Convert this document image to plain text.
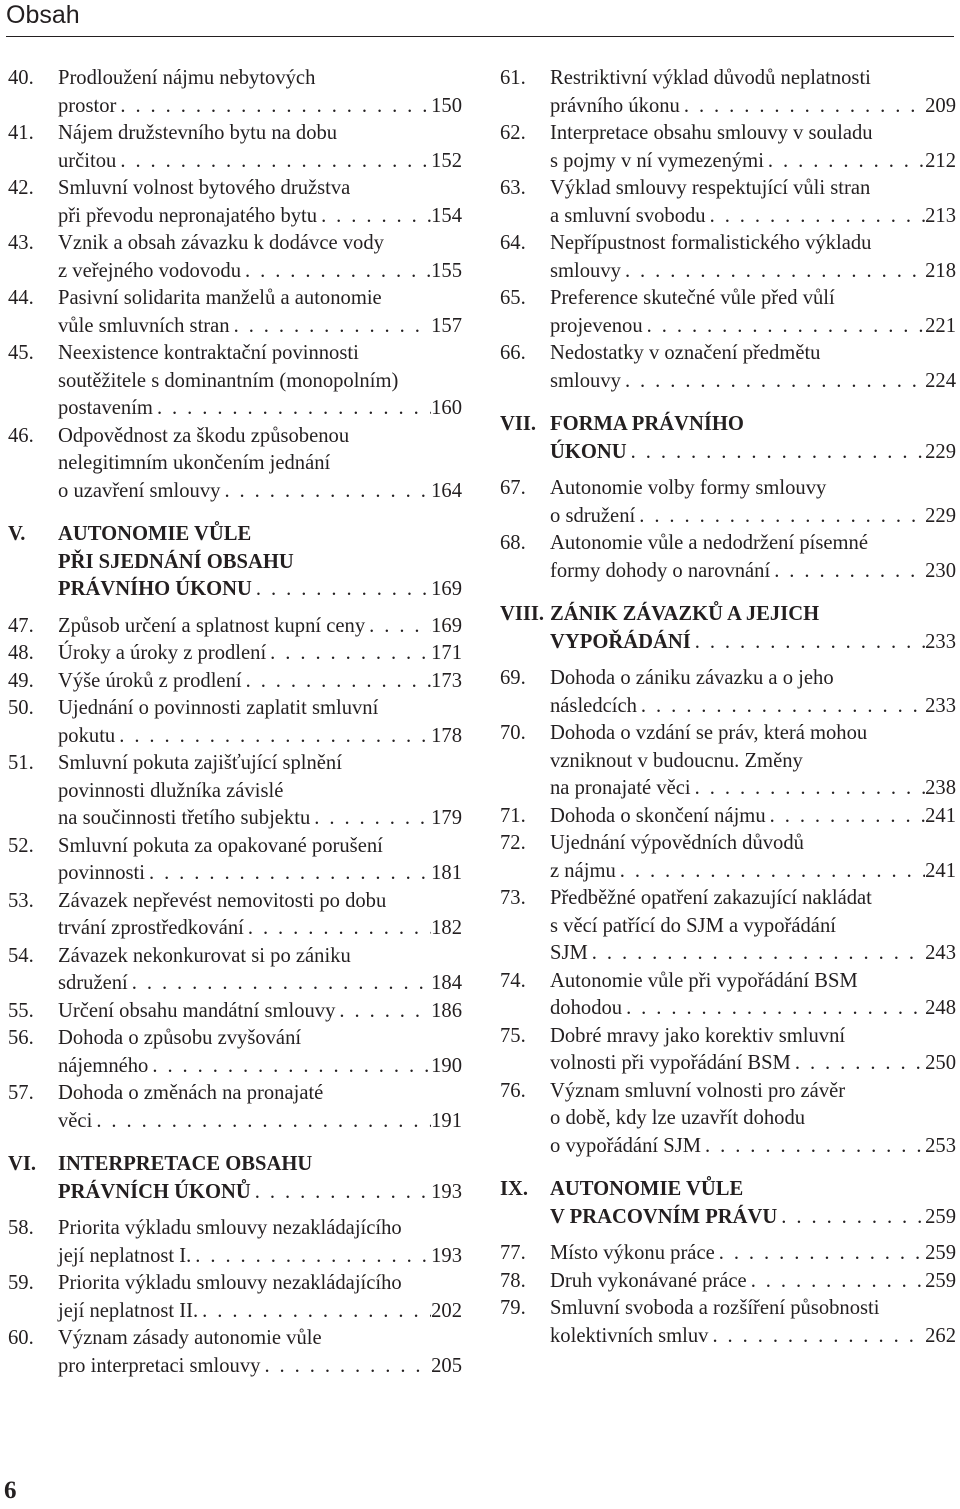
Obsah
40.	Prodloužení nájmu nebytových
prostor . . .	150
41.	Nájem družstevního bytu na dobu
určitou . . .	152
42.	Smluvní volnost bytového družstva
při převodu nepronajatého bytu . . .	154
43.	Vznik a obsah závazku k dodávce vody
z veřejného vodovodu . . .	155
44.	Pasivní solidarita manželů a autonomie
vůle smluvních stran . . .	157
45.	Neexistence kontraktační povinnosti
soutěžitele s dominantním (monopolním)
postavením . . .	160
46.	Odpovědnost za škodu způsobenou
nelegitimním ukončením jednání
o uzavření smlouvy . . .	164
V.	AUTONOMIE VŮLE
PŘI SJEDNÁNÍ OBSAHU
PRÁVNÍHO ÚKONU . . .	169
47.	Způsob určení a splatnost kupní ceny . . .	169
48.	Úroky a úroky z prodlení . . .	171
49.	Výše úroků z prodlení . . .	173
50.	Ujednání o povinnosti zaplatit smluvní
pokutu . . .	178
51.	Smluvní pokuta zajišťující splnění
povinnosti dlužníka závislé
na součinnosti třetího subjektu . . .	179
52.	Smluvní pokuta za opakované porušení
povinnosti . . .	181
53.	Závazek nepřevést nemovitosti po dobu
trvání zprostředkování . . .	182
54.	Závazek nekonkurovat si po zániku
sdružení . . .	184
55.	Určení obsahu mandátní smlouvy . . .	186
56.	Dohoda o způsobu zvyšování
nájemného . . .	190
57.	Dohoda o změnách na pronajaté
věci . . .	191
VI.	INTERPRETACE OBSAHU
PRÁVNÍCH ÚKONŮ . . .	193
58.	Priorita výkladu smlouvy nezakládajícího
její neplatnost I. . . .	193
59.	Priorita výkladu smlouvy nezakládajícího
její neplatnost II. . . .	202
60.	Význam zásady autonomie vůle
pro interpretaci smlouvy . . .	205
61.	Restriktivní výklad důvodů neplatnosti
právního úkonu . . .	209
62.	Interpretace obsahu smlouvy v souladu
s pojmy v ní vymezenými . . .	212
63.	Výklad smlouvy respektující vůli stran
a smluvní svobodu . . .	213
64.	Nepřípustnost formalistického výkladu
smlouvy . . .	218
65.	Preference skutečné vůle před vůlí
projevenou . . .	221
66.	Nedostatky v označení předmětu
smlouvy . . .	224
VII. FORMA PRÁVNÍHO
ÚKONU . . .	229
67.	Autonomie volby formy smlouvy
o sdružení . . .	229
68.	Autonomie vůle a nedodržení písemné
formy dohody o narovnání . . .	230
VIII. ZÁNIK ZÁVAZKŮ A JEJICH
VYPOŘÁDÁNÍ . . .	233
69.	Dohoda o zániku závazku a o jeho
následcích . . .	233
70.	Dohoda o vzdání se práv, která mohou
vzniknout v budoucnu. Změny
na pronajaté věci . . .	238
71.	Dohoda o skončení nájmu . . .	241
72.	Ujednání výpovědních důvodů
z nájmu . . .	241
73.	Předběžné opatření zakazující nakládat
s věcí patřící do SJM a vypořádání
SJM . . .	243
74.	Autonomie vůle při vypořádání BSM
dohodou . . .	248
75.	Dobré mravy jako korektiv smluvní
volnosti při vypořádání BSM . . .	250
76.	Význam smluvní volnosti pro závěr
o době, kdy lze uzavřít dohodu
o vypořádání SJM . . .	253
IX.	AUTONOMIE VŮLE
V PRACOVNÍM PRÁVU . . .	259
77.	Místo výkonu práce . . .	259
78.	Druh vykonávané práce . . .	259
79.	Smluvní svoboda a rozšíření působnosti
kolektivních smluv . . .	262
6
